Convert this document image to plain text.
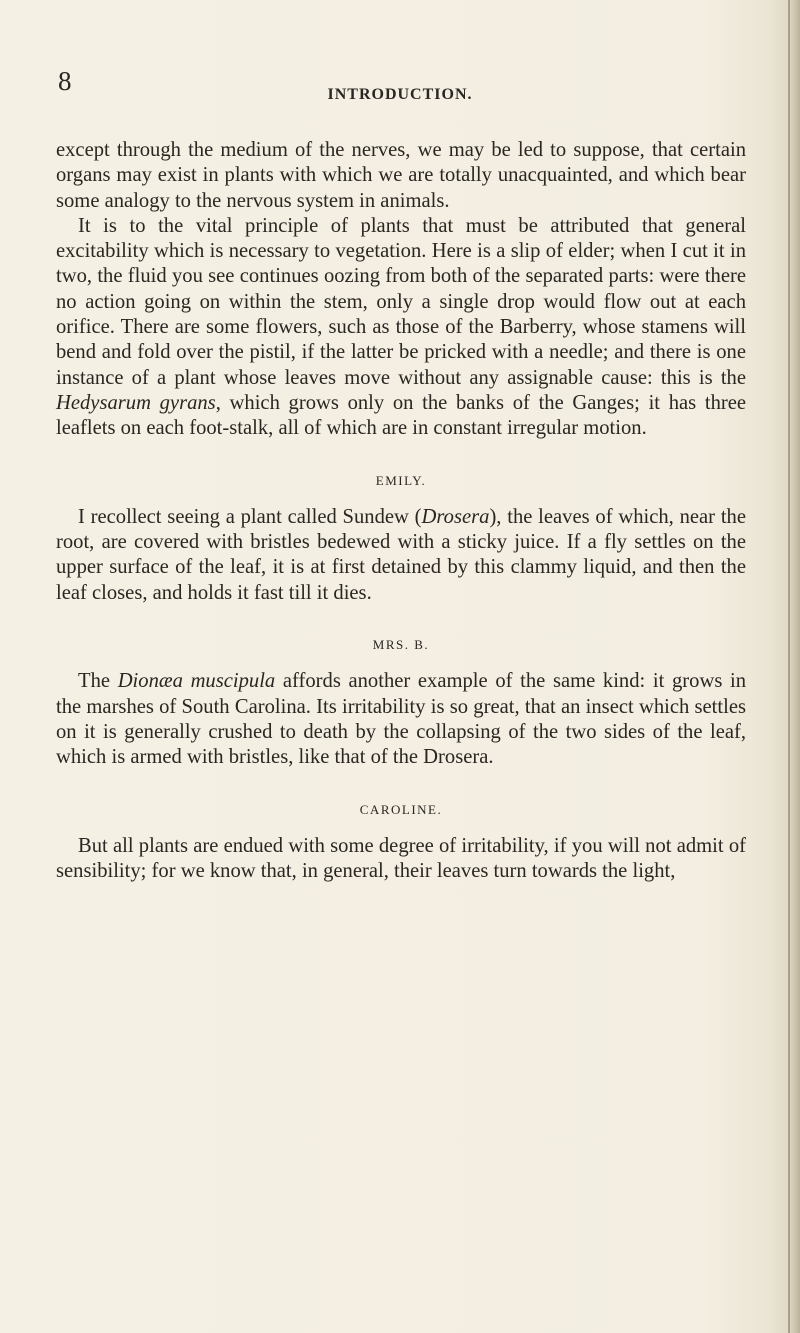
8	INTRODUCTION.

except through the medium of the nerves, we may be led to suppose, that certain organs may exist in plants with which we are totally unacquainted, and which bear some analogy to the nervous system in animals.

It is to the vital principle of plants that must be attributed that general excitability which is necessary to vegetation. Here is a slip of elder; when I cut it in two, the fluid you see continues oozing from both of the separated parts: were there no action going on within the stem, only a single drop would flow out at each orifice. There are some flowers, such as those of the Barberry, whose stamens will bend and fold over the pistil, if the latter be pricked with a needle; and there is one instance of a plant whose leaves move without any assignable cause: this is the Hedysarum gyrans, which grows only on the banks of the Ganges; it has three leaflets on each foot-stalk, all of which are in constant irregular motion.

EMILY.

I recollect seeing a plant called Sundew (Drosera), the leaves of which, near the root, are covered with bristles bedewed with a sticky juice. If a fly settles on the upper surface of the leaf, it is at first detained by this clammy liquid, and then the leaf closes, and holds it fast till it dies.

MRS. B.

The Dionæa muscipula affords another example of the same kind: it grows in the marshes of South Carolina. Its irritability is so great, that an insect which settles on it is generally crushed to death by the collapsing of the two sides of the leaf, which is armed with bristles, like that of the Drosera.

CAROLINE.

But all plants are endued with some degree of irritability, if you will not admit of sensibility; for we know that, in general, their leaves turn towards the light,
